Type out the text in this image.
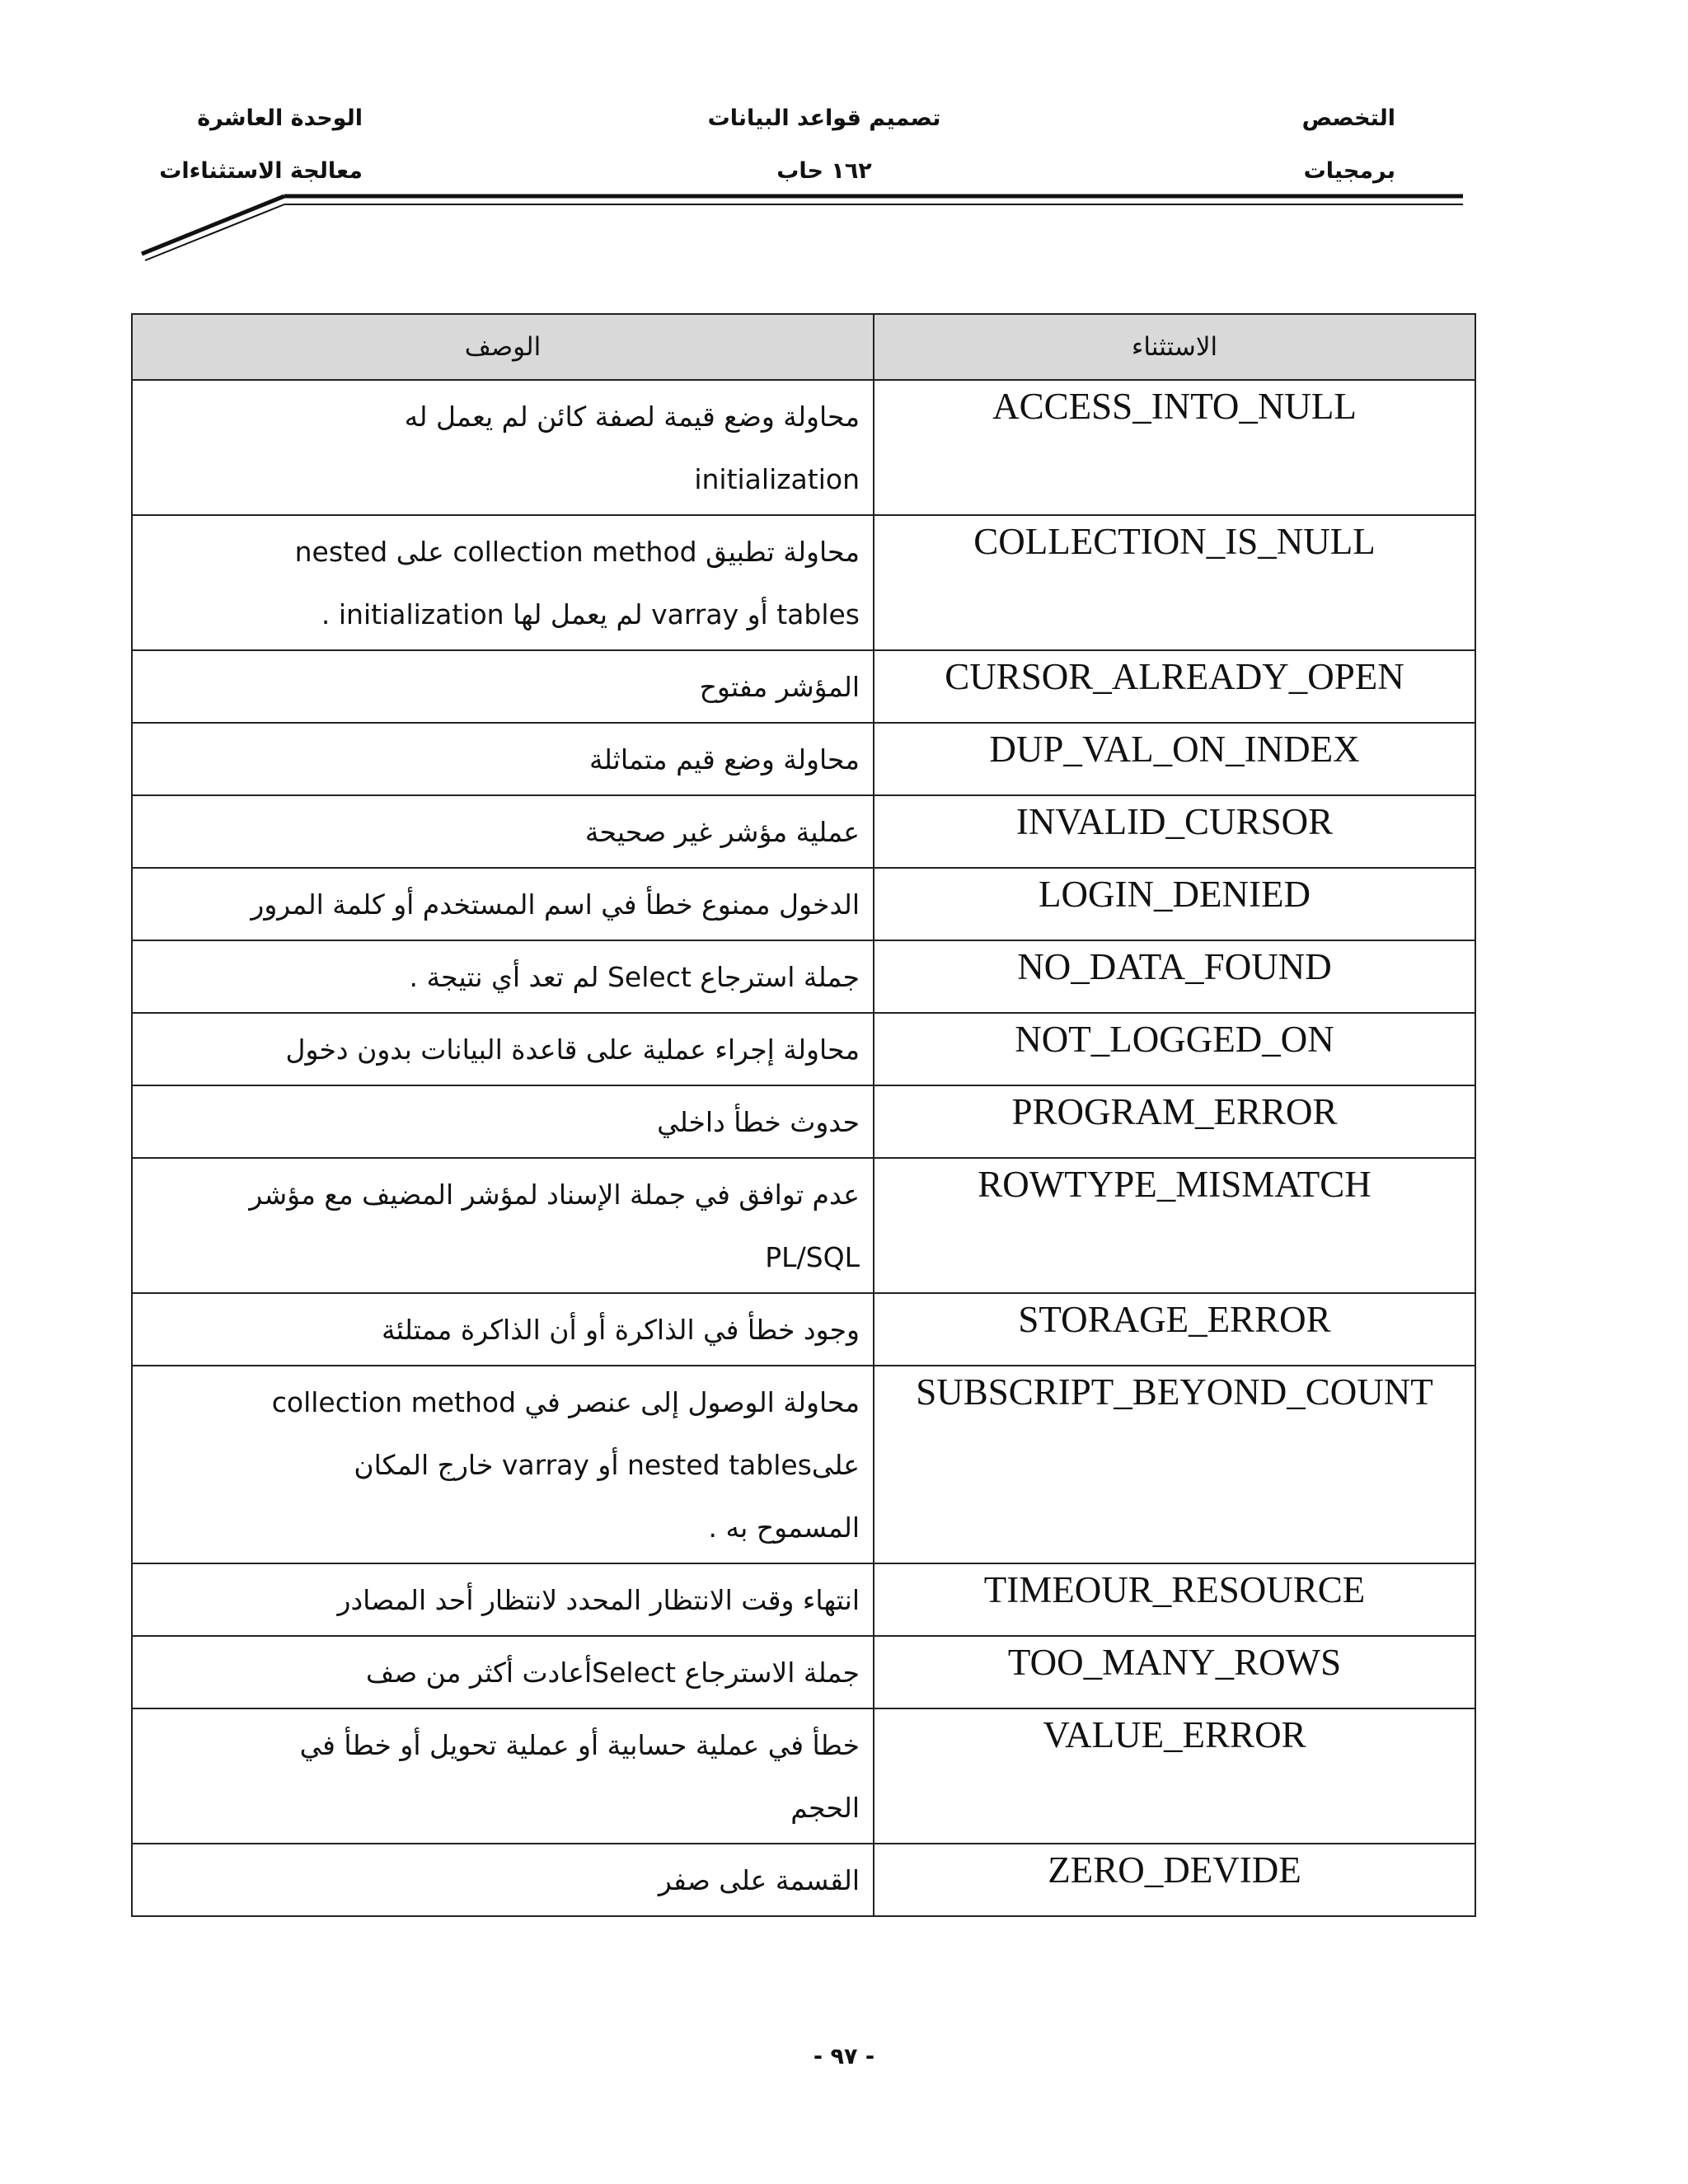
التخصص
برمجيات
تصميم قواعد البيانات
١٦٢ حاب
الوحدة العاشرة
معالجة الاستثناءات
الاستثناء	الوصف
ACCESS_INTO_NULL	محاولة وضع قيمة لصفة كائن لم يعمل له
initialization

COLLECTION_IS_NULL	محاولة تطبيق collection method على nested
tables أو varray لم يعمل لها initialization .

CURSOR_ALREADY_OPEN	المؤشر مفتوح

DUP_VAL_ON_INDEX	محاولة وضع قيم متماثلة

INVALID_CURSOR	عملية مؤشر غير صحيحة

LOGIN_DENIED	الدخول ممنوع خطأ في اسم المستخدم أو كلمة المرور

NO_DATA_FOUND	جملة استرجاع Select لم تعد أي نتيجة .

NOT_LOGGED_ON	محاولة إجراء عملية على قاعدة البيانات بدون دخول

PROGRAM_ERROR	حدوث خطأ داخلي

ROWTYPE_MISMATCH	عدم توافق في جملة الإسناد لمؤشر المضيف مع مؤشر
PL/SQL

STORAGE_ERROR	وجود خطأ في الذاكرة أو أن الذاكرة ممتلئة

SUBSCRIPT_BEYOND_COUNT	محاولة الوصول إلى عنصر في collection method
علىnested tables أو varray خارج المكان
المسموح به .

TIMEOUR_RESOURCE	انتهاء وقت الانتظار المحدد لانتظار أحد المصادر

TOO_MANY_ROWS	جملة الاسترجاع Selectأعادت أكثر من صف

VALUE_ERROR	خطأ في عملية حسابية أو عملية تحويل أو خطأ في
الحجم

ZERO_DEVIDE	القسمة على صفر
- ٩٧ -
